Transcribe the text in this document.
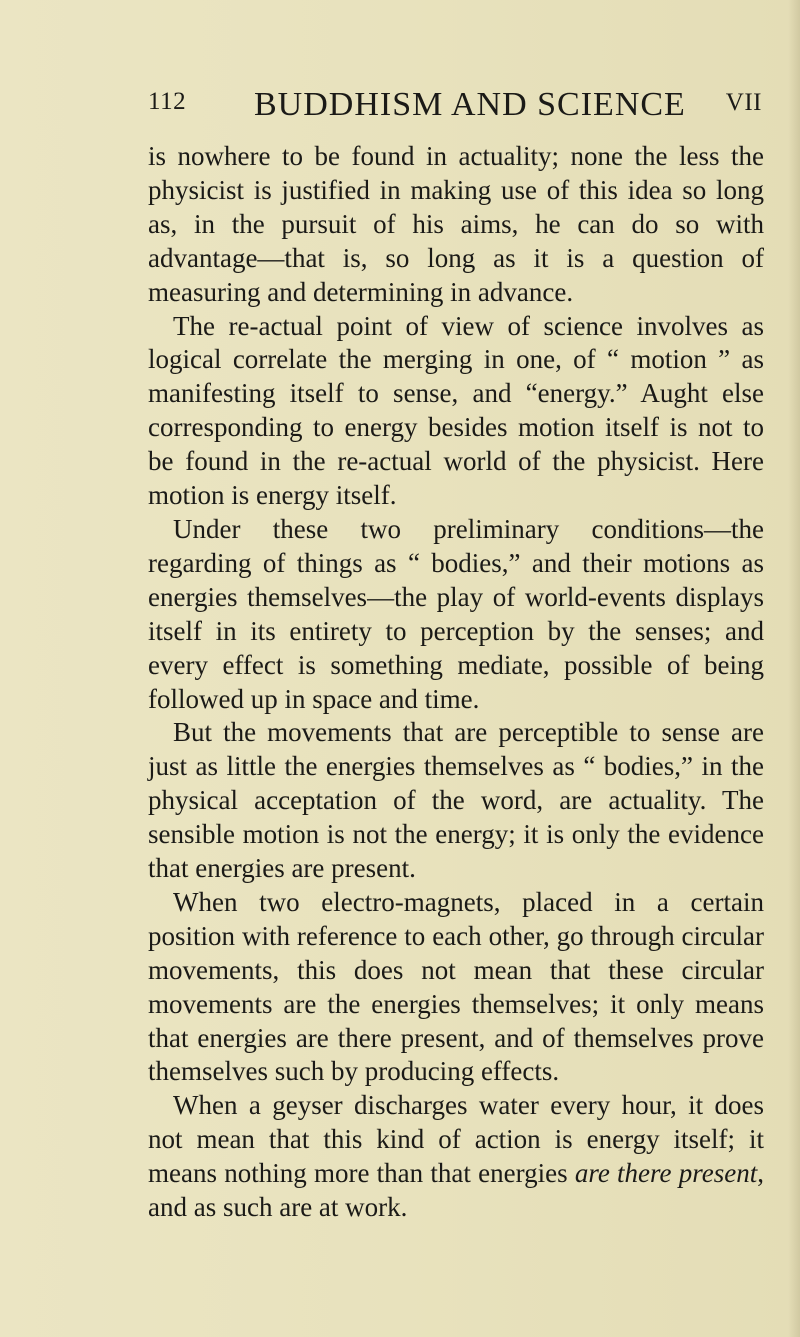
112 BUDDHISM AND SCIENCE VII

is nowhere to be found in actuality; none the less the physicist is justified in making use of this idea so long as, in the pursuit of his aims, he can do so with advantage—that is, so long as it is a question of measuring and determining in advance.

The re-actual point of view of science involves as logical correlate the merging in one, of “ motion ” as manifesting itself to sense, and “energy.” Aught else corresponding to energy besides motion itself is not to be found in the re-actual world of the physicist. Here motion is energy itself.

Under these two preliminary conditions—the regarding of things as “ bodies,” and their motions as energies themselves—the play of world-events displays itself in its entirety to perception by the senses; and every effect is something mediate, possible of being followed up in space and time.

But the movements that are perceptible to sense are just as little the energies themselves as “ bodies,” in the physical acceptation of the word, are actuality. The sensible motion is not the energy; it is only the evidence that energies are present.

When two electro-magnets, placed in a certain position with reference to each other, go through circular movements, this does not mean that these circular movements are the energies themselves; it only means that energies are there present, and of themselves prove themselves such by producing effects.

When a geyser discharges water every hour, it does not mean that this kind of action is energy itself; it means nothing more than that energies are there present, and as such are at work.
